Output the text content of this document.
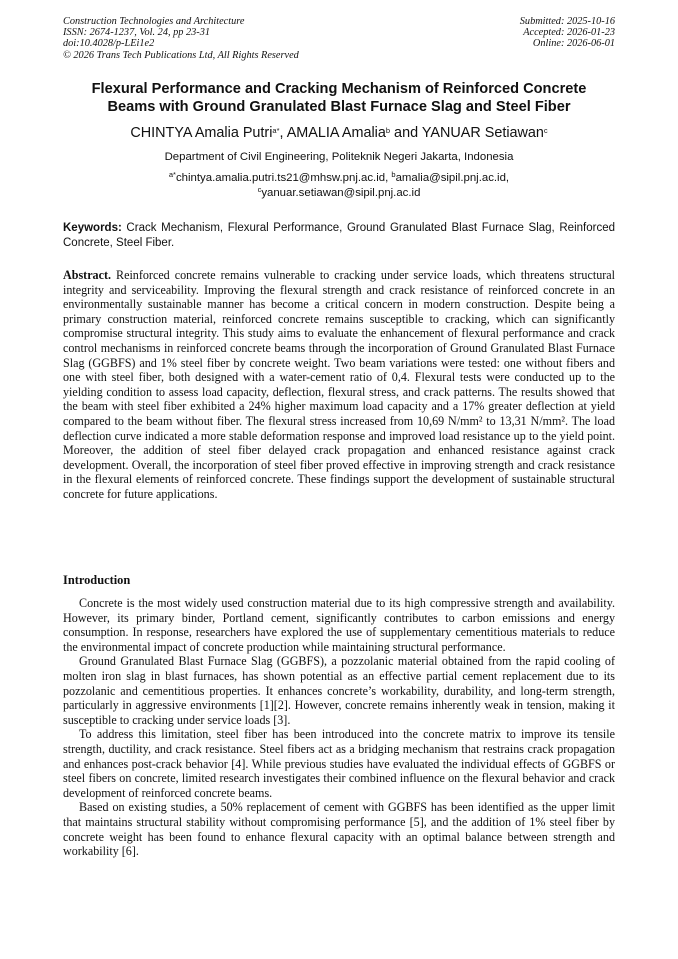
Construction Technologies and Architecture
ISSN: 2674-1237, Vol. 24, pp 23-31
doi:10.4028/p-LEi1e2
© 2026 Trans Tech Publications Ltd, All Rights Reserved
Submitted: 2025-10-16
Accepted: 2026-01-23
Online: 2026-06-01
Flexural Performance and Cracking Mechanism of Reinforced Concrete
Beams with Ground Granulated Blast Furnace Slag and Steel Fiber
CHINTYA Amalia Putri$^{a*}$, AMALIA Amalia$^b$ and YANUAR Setiawan$^c$
Department of Civil Engineering, Politeknik Negeri Jakarta, Indonesia
$^{a*}$chintya.amalia.putri.ts21@mhsw.pnj.ac.id, $^b$amalia@sipil.pnj.ac.id,
$^c$yanuar.setiawan@sipil.pnj.ac.id
Keywords: Crack Mechanism, Flexural Performance, Ground Granulated Blast Furnace Slag, Reinforced Concrete, Steel Fiber.
Abstract. Reinforced concrete remains vulnerable to cracking under service loads, which threatens structural integrity and serviceability. Improving the flexural strength and crack resistance of reinforced concrete in an environmentally sustainable manner has become a critical concern in modern construction. Despite being a primary construction material, reinforced concrete remains susceptible to cracking, which can significantly compromise structural integrity. This study aims to evaluate the enhancement of flexural performance and crack control mechanisms in reinforced concrete beams through the incorporation of Ground Granulated Blast Furnace Slag (GGBFS) and 1% steel fiber by concrete weight. Two beam variations were tested: one without fibers and one with steel fiber, both designed with a water-cement ratio of 0,4. Flexural tests were conducted up to the yielding condition to assess load capacity, deflection, flexural stress, and crack patterns. The results showed that the beam with steel fiber exhibited a 24% higher maximum load capacity and a 17% greater deflection at yield compared to the beam without fiber. The flexural stress increased from 10,69 N/mm² to 13,31 N/mm². The load deflection curve indicated a more stable deformation response and improved load resistance up to the yield point. Moreover, the addition of steel fiber delayed crack propagation and enhanced resistance against crack development. Overall, the incorporation of steel fiber proved effective in improving strength and crack resistance in the flexural elements of reinforced concrete. These findings support the development of sustainable structural concrete for future applications.
Introduction

Concrete is the most widely used construction material due to its high compressive strength and availability. However, its primary binder, Portland cement, significantly contributes to carbon emissions and energy consumption. In response, researchers have explored the use of supplementary cementitious materials to reduce the environmental impact of concrete production while maintaining structural performance.

Ground Granulated Blast Furnace Slag (GGBFS), a pozzolanic material obtained from the rapid cooling of molten iron slag in blast furnaces, has shown potential as an effective partial cement replacement due to its pozzolanic and cementitious properties. It enhances concrete’s workability, durability, and long-term strength, particularly in aggressive environments [1][2]. However, concrete remains inherently weak in tension, making it susceptible to cracking under service loads [3].

To address this limitation, steel fiber has been introduced into the concrete matrix to improve its tensile strength, ductility, and crack resistance. Steel fibers act as a bridging mechanism that restrains crack propagation and enhances post-crack behavior [4]. While previous studies have evaluated the individual effects of GGBFS or steel fibers on concrete, limited research investigates their combined influence on the flexural behavior and crack development of reinforced concrete beams.

Based on existing studies, a 50% replacement of cement with GGBFS has been identified as the upper limit that maintains structural stability without compromising performance [5], and the addition of 1% steel fiber by concrete weight has been found to enhance flexural capacity with an optimal balance between strength and workability [6].
